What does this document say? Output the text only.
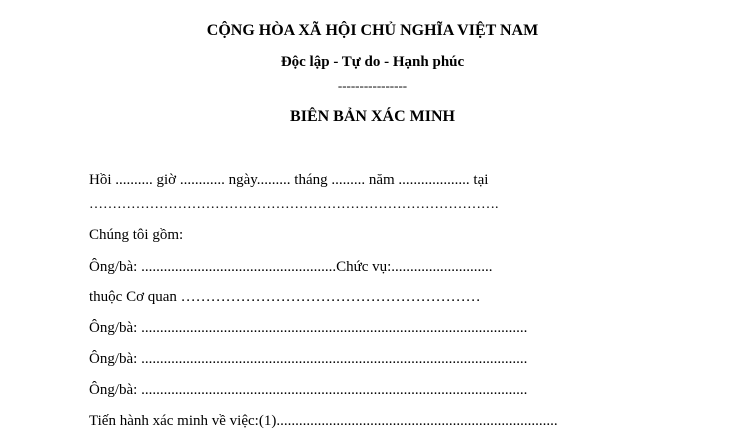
CỘNG HÒA XÃ HỘI CHỦ NGHĨA VIỆT NAM
Độc lập - Tự do - Hạnh phúc
----------------
BIÊN BẢN XÁC MINH
Hồi .......... giờ ............ ngày......... tháng ......... năm ................... tại
…………………………………………………………………………….
Chúng tôi gồm:
Ông/bà: ....................................................Chức vụ:...........................
thuộc Cơ quan ……………………………………………………
Ông/bà: .......................................................................................................
Ông/bà: .......................................................................................................
Ông/bà: .......................................................................................................
Tiến hành xác minh về việc:(1)...........................................................................
